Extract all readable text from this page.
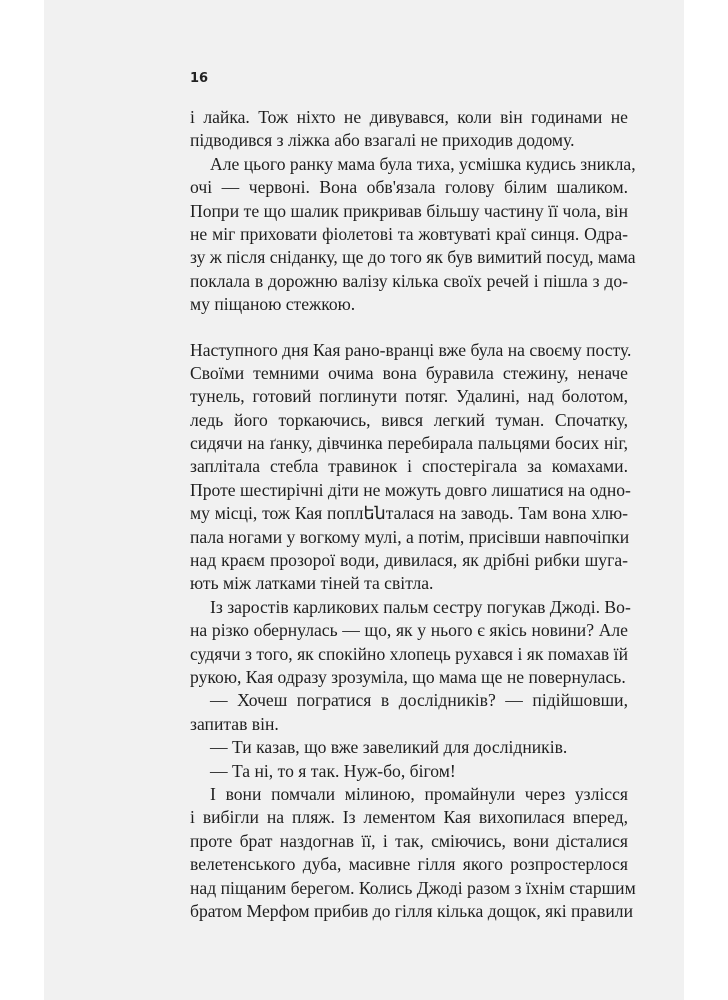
16
і лайка. Тож ніхто не дивувався, коли він годинами не
підводився з ліжка або взагалі не приходив додому.
Але цього ранку мама була тиха, усмішка кудись зникла,
очі — червоні. Вона обв'язала голову білим шаликом.
Попри те що шалик прикривав більшу частину її чола, він
не міг приховати фіолетові та жовтуваті краї синця. Одра-
зу ж після сніданку, ще до того як був вимитий посуд, мама
поклала в дорожню валізу кілька своїх речей і пішла з до-
му піщаною стежкою.
Наступного дня Кая рано-вранці вже була на своєму посту.
Своїми темними очима вона буравила стежину, неначе
тунель, готовий поглинути потяг. Удалині, над болотом,
ледь його торкаючись, вився легкий туман. Спочатку,
сидячи на ґанку, дівчинка перебирала пальцями босих ніг,
заплітала стебла травинок і спостерігала за комахами.
Проте шестирічні діти не можуть довго лишатися на одно-
му місці, тож Кая поплենталася на заводь. Там вона хлю-
пала ногами у вогкому мулі, а потім, присівши навпочіпки
над краєм прозорої води, дивилася, як дрібні рибки шуга-
ють між латками тіней та світла.
Із заростів карликових пальм сестру погукав Джоді. Во-
на різко обернулась — що, як у нього є якісь новини? Але
судячи з того, як спокійно хлопець рухався і як помахав їй
рукою, Кая одразу зрозуміла, що мама ще не повернулась.
— Хочеш погратися в дослідників? — підійшовши,
запитав він.
— Ти казав, що вже завеликий для дослідників.
— Та ні, то я так. Нуж-бо, бігом!
І вони помчали мілиною, промайнули через узлісся
і вибігли на пляж. Із лементом Кая вихопилася вперед,
проте брат наздогнав її, і так, сміючись, вони дісталися
велетенського дуба, масивне гілля якого розпростерлося
над піщаним берегом. Колись Джоді разом з їхнім старшим
братом Мерфом прибив до гілля кілька дощок, які правили
